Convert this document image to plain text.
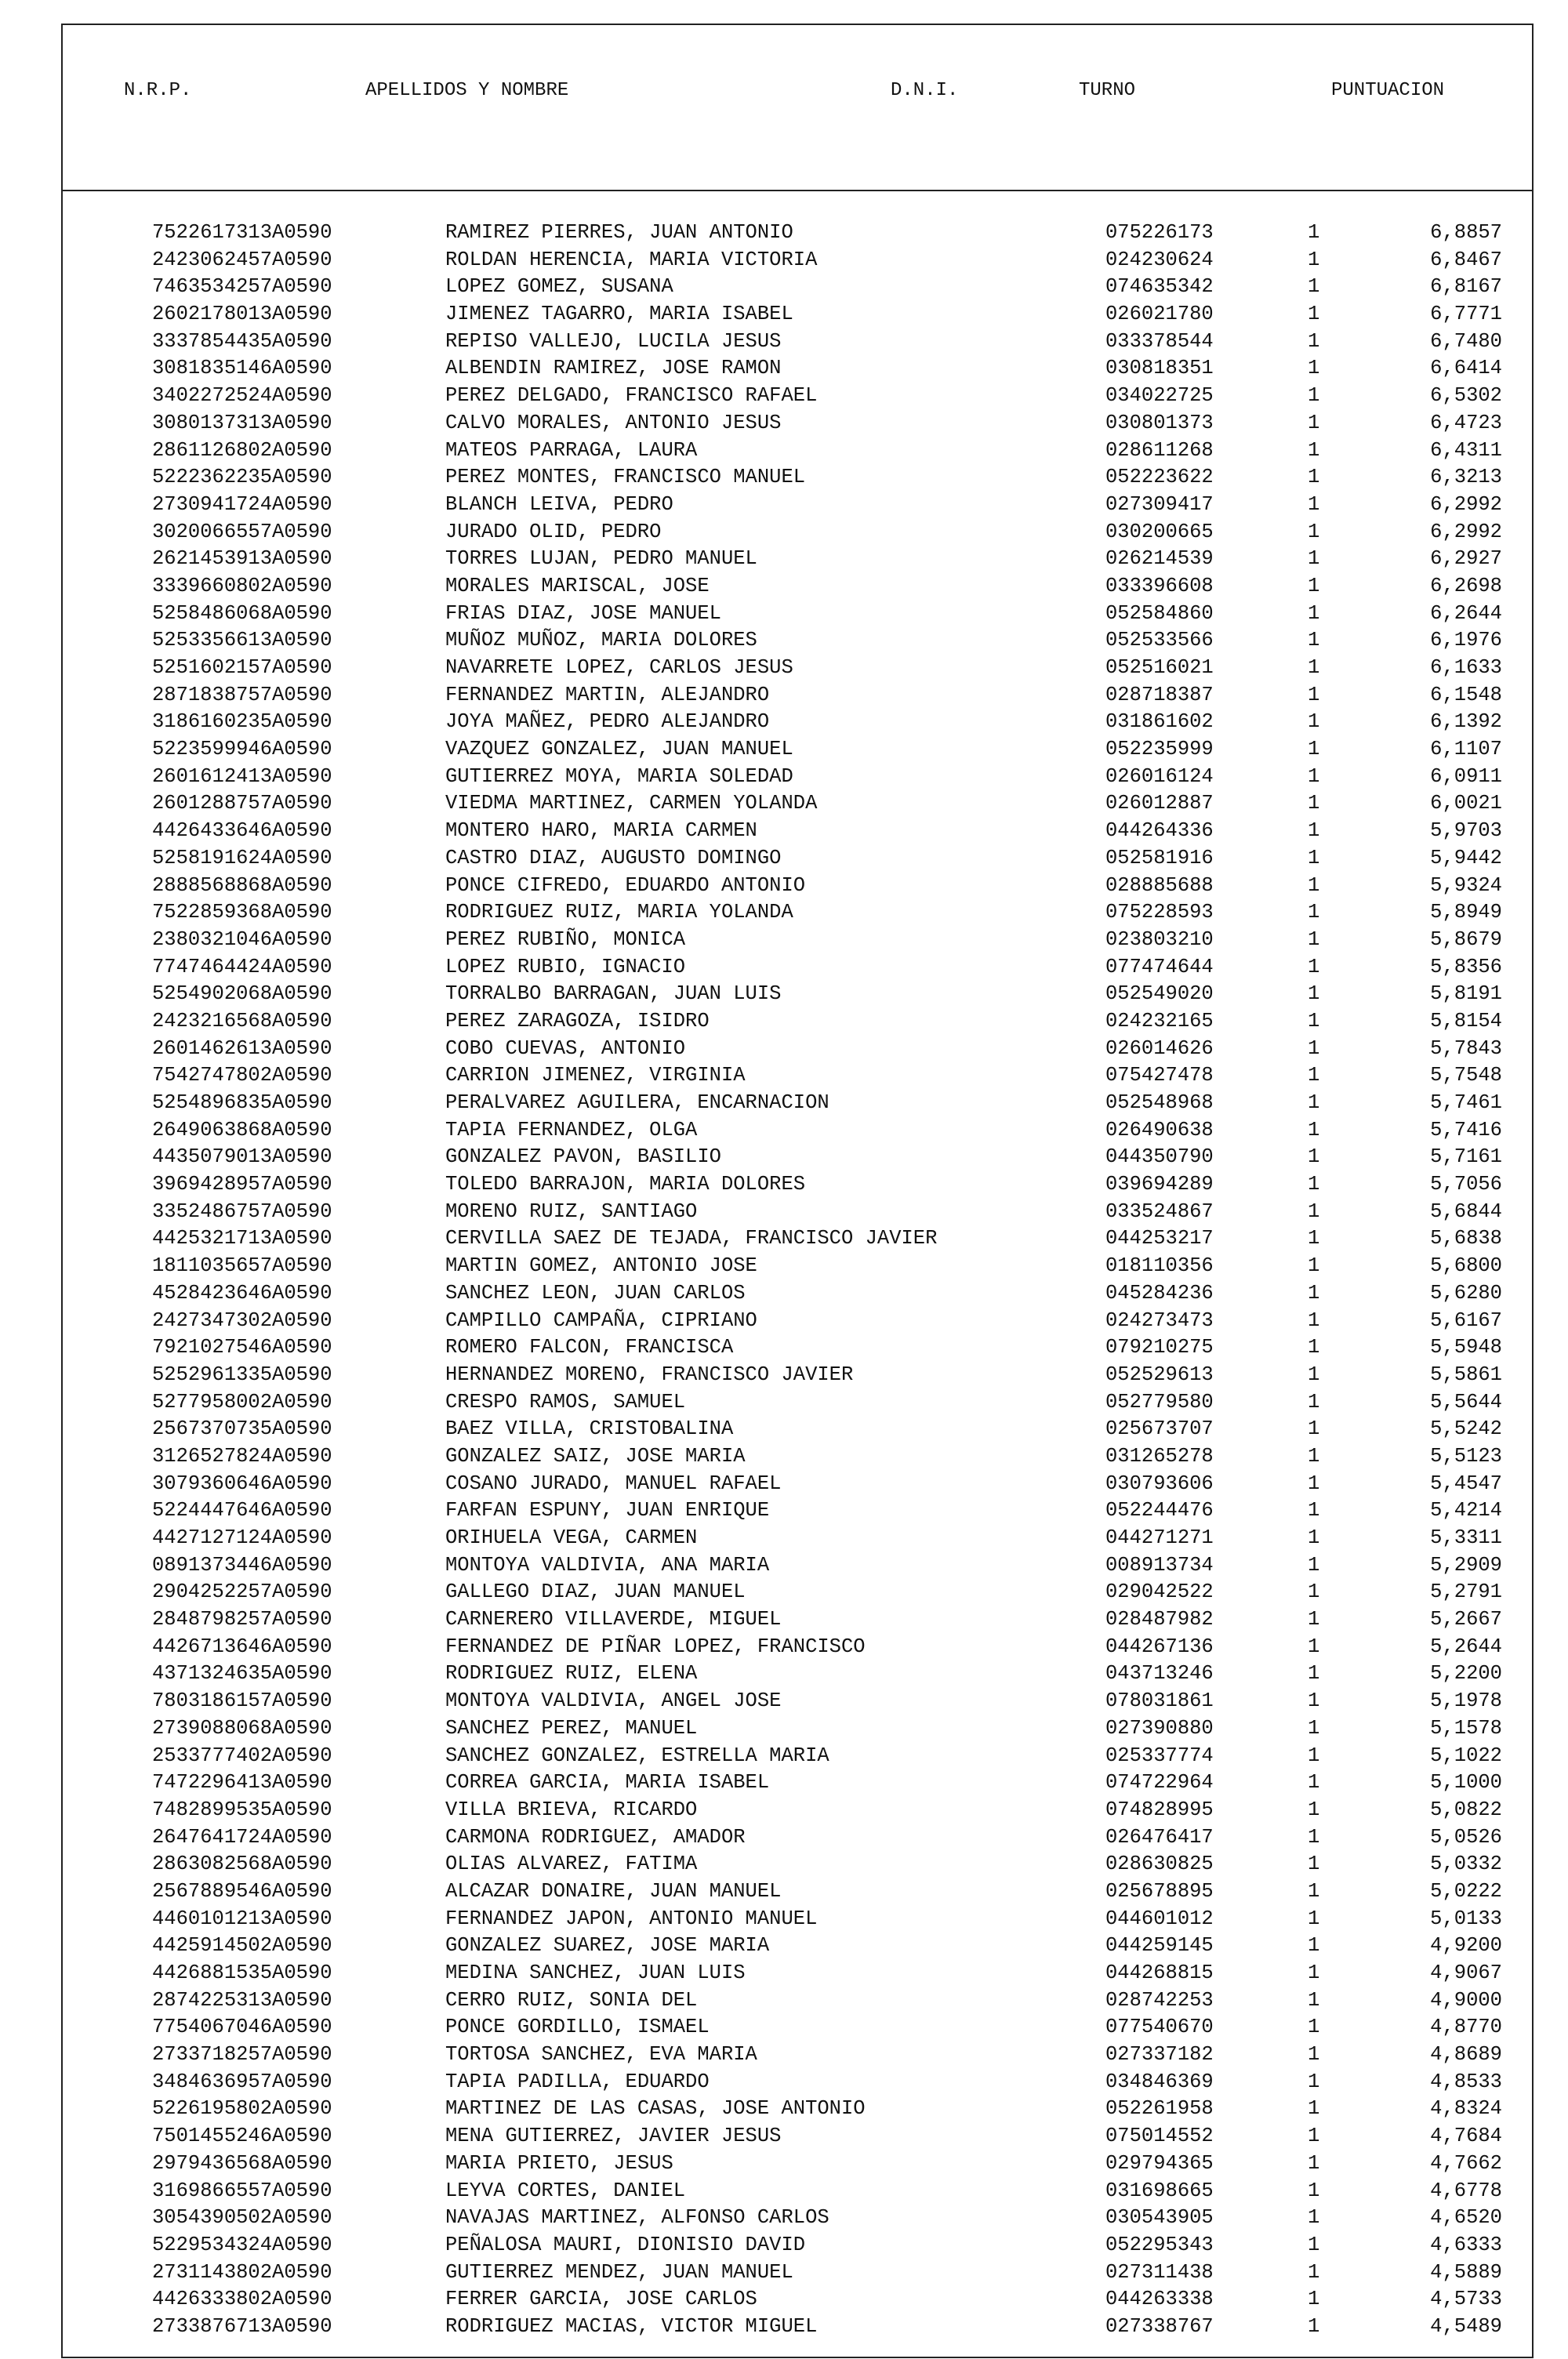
N.R.P.	APELLIDOS Y NOMBRE	D.N.I.	TURNO	PUNTUACION
7522617313A0590	RAMIREZ PIERRES, JUAN ANTONIO	075226173	1	6,8857
2423062457A0590	ROLDAN HERENCIA, MARIA VICTORIA	024230624	1	6,8467
7463534257A0590	LOPEZ GOMEZ, SUSANA	074635342	1	6,8167
2602178013A0590	JIMENEZ TAGARRO, MARIA ISABEL	026021780	1	6,7771
3337854435A0590	REPISO VALLEJO, LUCILA JESUS	033378544	1	6,7480
3081835146A0590	ALBENDIN RAMIREZ, JOSE RAMON	030818351	1	6,6414
3402272524A0590	PEREZ DELGADO, FRANCISCO RAFAEL	034022725	1	6,5302
3080137313A0590	CALVO MORALES, ANTONIO JESUS	030801373	1	6,4723
2861126802A0590	MATEOS PARRAGA, LAURA	028611268	1	6,4311
5222362235A0590	PEREZ MONTES, FRANCISCO MANUEL	052223622	1	6,3213
2730941724A0590	BLANCH LEIVA, PEDRO	027309417	1	6,2992
3020066557A0590	JURADO OLID, PEDRO	030200665	1	6,2992
2621453913A0590	TORRES LUJAN, PEDRO MANUEL	026214539	1	6,2927
3339660802A0590	MORALES MARISCAL, JOSE	033396608	1	6,2698
5258486068A0590	FRIAS DIAZ, JOSE MANUEL	052584860	1	6,2644
5253356613A0590	MUÑOZ MUÑOZ, MARIA DOLORES	052533566	1	6,1976
5251602157A0590	NAVARRETE LOPEZ, CARLOS JESUS	052516021	1	6,1633
2871838757A0590	FERNANDEZ MARTIN, ALEJANDRO	028718387	1	6,1548
3186160235A0590	JOYA MAÑEZ, PEDRO ALEJANDRO	031861602	1	6,1392
5223599946A0590	VAZQUEZ GONZALEZ, JUAN MANUEL	052235999	1	6,1107
2601612413A0590	GUTIERREZ MOYA, MARIA SOLEDAD	026016124	1	6,0911
2601288757A0590	VIEDMA MARTINEZ, CARMEN YOLANDA	026012887	1	6,0021
4426433646A0590	MONTERO HARO, MARIA CARMEN	044264336	1	5,9703
5258191624A0590	CASTRO DIAZ, AUGUSTO DOMINGO	052581916	1	5,9442
2888568868A0590	PONCE CIFREDO, EDUARDO ANTONIO	028885688	1	5,9324
7522859368A0590	RODRIGUEZ RUIZ, MARIA YOLANDA	075228593	1	5,8949
2380321046A0590	PEREZ RUBIÑO, MONICA	023803210	1	5,8679
7747464424A0590	LOPEZ RUBIO, IGNACIO	077474644	1	5,8356
5254902068A0590	TORRALBO BARRAGAN, JUAN LUIS	052549020	1	5,8191
2423216568A0590	PEREZ ZARAGOZA, ISIDRO	024232165	1	5,8154
2601462613A0590	COBO CUEVAS, ANTONIO	026014626	1	5,7843
7542747802A0590	CARRION JIMENEZ, VIRGINIA	075427478	1	5,7548
5254896835A0590	PERALVAREZ AGUILERA, ENCARNACION	052548968	1	5,7461
2649063868A0590	TAPIA FERNANDEZ, OLGA	026490638	1	5,7416
4435079013A0590	GONZALEZ PAVON, BASILIO	044350790	1	5,7161
3969428957A0590	TOLEDO BARRAJON, MARIA DOLORES	039694289	1	5,7056
3352486757A0590	MORENO RUIZ, SANTIAGO	033524867	1	5,6844
4425321713A0590	CERVILLA SAEZ DE TEJADA, FRANCISCO JAVIER	044253217	1	5,6838
1811035657A0590	MARTIN GOMEZ, ANTONIO JOSE	018110356	1	5,6800
4528423646A0590	SANCHEZ LEON, JUAN CARLOS	045284236	1	5,6280
2427347302A0590	CAMPILLO CAMPAÑA, CIPRIANO	024273473	1	5,6167
7921027546A0590	ROMERO FALCON, FRANCISCA	079210275	1	5,5948
5252961335A0590	HERNANDEZ MORENO, FRANCISCO JAVIER	052529613	1	5,5861
5277958002A0590	CRESPO RAMOS, SAMUEL	052779580	1	5,5644
2567370735A0590	BAEZ VILLA, CRISTOBALINA	025673707	1	5,5242
3126527824A0590	GONZALEZ SAIZ, JOSE MARIA	031265278	1	5,5123
3079360646A0590	COSANO JURADO, MANUEL RAFAEL	030793606	1	5,4547
5224447646A0590	FARFAN ESPUNY, JUAN ENRIQUE	052244476	1	5,4214
4427127124A0590	ORIHUELA VEGA, CARMEN	044271271	1	5,3311
0891373446A0590	MONTOYA VALDIVIA, ANA MARIA	008913734	1	5,2909
2904252257A0590	GALLEGO DIAZ, JUAN MANUEL	029042522	1	5,2791
2848798257A0590	CARNERERO VILLAVERDE, MIGUEL	028487982	1	5,2667
4426713646A0590	FERNANDEZ DE PIÑAR LOPEZ, FRANCISCO	044267136	1	5,2644
4371324635A0590	RODRIGUEZ RUIZ, ELENA	043713246	1	5,2200
7803186157A0590	MONTOYA VALDIVIA, ANGEL JOSE	078031861	1	5,1978
2739088068A0590	SANCHEZ PEREZ, MANUEL	027390880	1	5,1578
2533777402A0590	SANCHEZ GONZALEZ, ESTRELLA MARIA	025337774	1	5,1022
7472296413A0590	CORREA GARCIA, MARIA ISABEL	074722964	1	5,1000
7482899535A0590	VILLA BRIEVA, RICARDO	074828995	1	5,0822
2647641724A0590	CARMONA RODRIGUEZ, AMADOR	026476417	1	5,0526
2863082568A0590	OLIAS ALVAREZ, FATIMA	028630825	1	5,0332
2567889546A0590	ALCAZAR DONAIRE, JUAN MANUEL	025678895	1	5,0222
4460101213A0590	FERNANDEZ JAPON, ANTONIO MANUEL	044601012	1	5,0133
4425914502A0590	GONZALEZ SUAREZ, JOSE MARIA	044259145	1	4,9200
4426881535A0590	MEDINA SANCHEZ, JUAN LUIS	044268815	1	4,9067
2874225313A0590	CERRO RUIZ, SONIA DEL	028742253	1	4,9000
7754067046A0590	PONCE GORDILLO, ISMAEL	077540670	1	4,8770
2733718257A0590	TORTOSA SANCHEZ, EVA MARIA	027337182	1	4,8689
3484636957A0590	TAPIA PADILLA, EDUARDO	034846369	1	4,8533
5226195802A0590	MARTINEZ DE LAS CASAS, JOSE ANTONIO	052261958	1	4,8324
7501455246A0590	MENA GUTIERREZ, JAVIER JESUS	075014552	1	4,7684
2979436568A0590	MARIA PRIETO, JESUS	029794365	1	4,7662
3169866557A0590	LEYVA CORTES, DANIEL	031698665	1	4,6778
3054390502A0590	NAVAJAS MARTINEZ, ALFONSO CARLOS	030543905	1	4,6520
5229534324A0590	PEÑALOSA MAURI, DIONISIO DAVID	052295343	1	4,6333
2731143802A0590	GUTIERREZ MENDEZ, JUAN MANUEL	027311438	1	4,5889
4426333802A0590	FERRER GARCIA, JOSE CARLOS	044263338	1	4,5733
2733876713A0590	RODRIGUEZ MACIAS, VICTOR MIGUEL	027338767	1	4,5489
